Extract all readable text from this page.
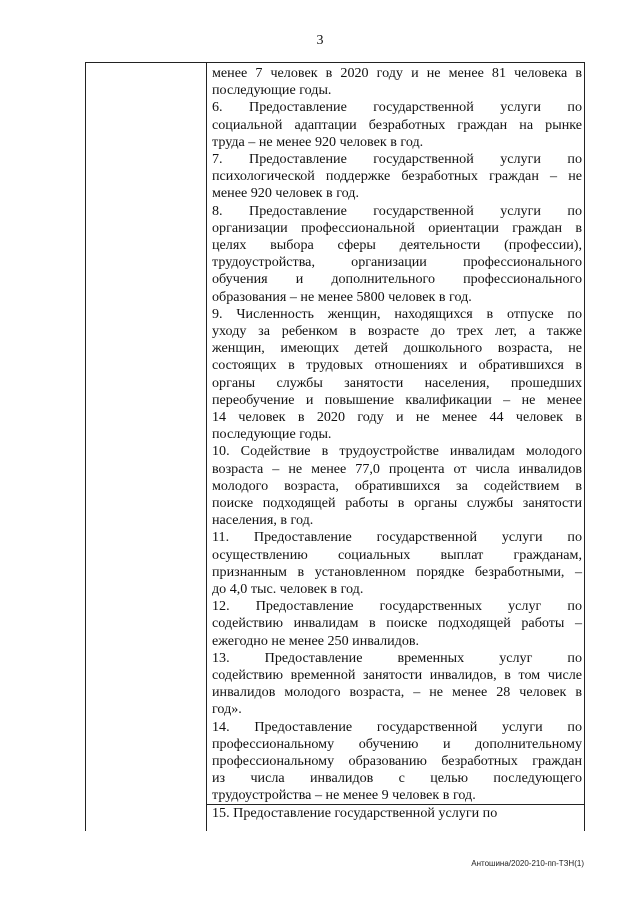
3
менее 7 человек в 2020 году и не менее 81 человека в
последующие годы.
6. Предоставление государственной услуги по
социальной адаптации безработных граждан на рынке
труда – не менее 920 человек в год.
7. Предоставление государственной услуги по
психологической поддержке безработных граждан – не
менее 920 человек в год.
8. Предоставление государственной услуги по
организации профессиональной ориентации граждан в
целях выбора сферы деятельности (профессии),
трудоустройства, организации профессионального
обучения и дополнительного профессионального
образования – не менее 5800 человек в год.
9. Численность женщин, находящихся в отпуске по
уходу за ребенком в возрасте до трех лет, а также
женщин, имеющих детей дошкольного возраста, не
состоящих в трудовых отношениях и обратившихся в
органы службы занятости населения, прошедших
переобучение и повышение квалификации – не менее
14 человек в 2020 году и не менее 44 человек в
последующие годы.
10. Содействие в трудоустройстве инвалидам молодого
возраста – не менее 77,0 процента от числа инвалидов
молодого возраста, обратившихся за содействием в
поиске подходящей работы в органы службы занятости
населения, в год.
11. Предоставление государственной услуги по
осуществлению социальных выплат гражданам,
признанным в установленном порядке безработными, –
до 4,0 тыс. человек в год.
12. Предоставление государственных услуг по
содействию инвалидам в поиске подходящей работы –
ежегодно не менее 250 инвалидов.
13. Предоставление временных услуг по
содействию временной занятости инвалидов, в том числе
инвалидов молодого возраста, – не менее 28 человек в
год».
14. Предоставление государственной услуги по
профессиональному обучению и дополнительному
профессиональному образованию безработных граждан
из числа инвалидов с целью последующего
трудоустройства – не менее 9 человек в год.
15. Предоставление государственной услуги по
Антошина/2020-210-пп-ТЗН(1)
